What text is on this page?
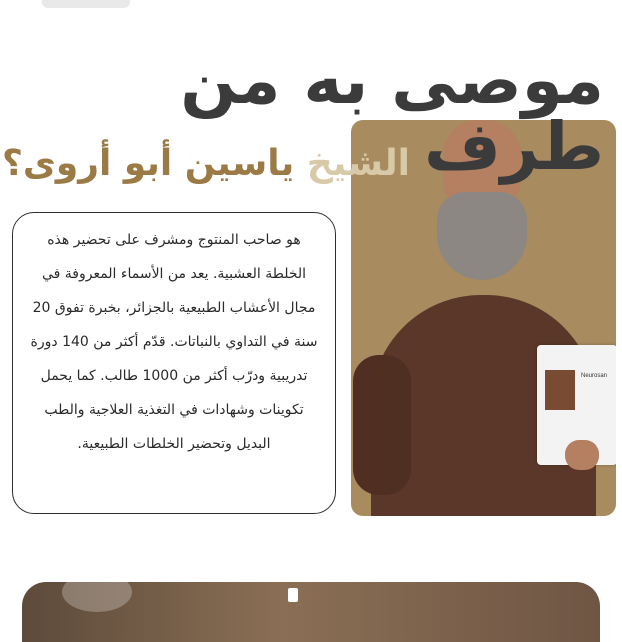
موصى به من طرف
الشيخ ياسين أبو أروى؟
Neurosan

هو صاحب المنتوج ومشرف على تحضير هذه الخلطة العشبية. يعد من الأسماء المعروفة في مجال الأعشاب الطبيعية بالجزائر، بخبرة تفوق 20 سنة في التداوي بالنباتات. قدّم أكثر من 140 دورة تدريبية ودرّب أكثر من 1000 طالب. كما يحمل تكوينات وشهادات في التغذية العلاجية والطب البديل وتحضير الخلطات الطبيعية.
